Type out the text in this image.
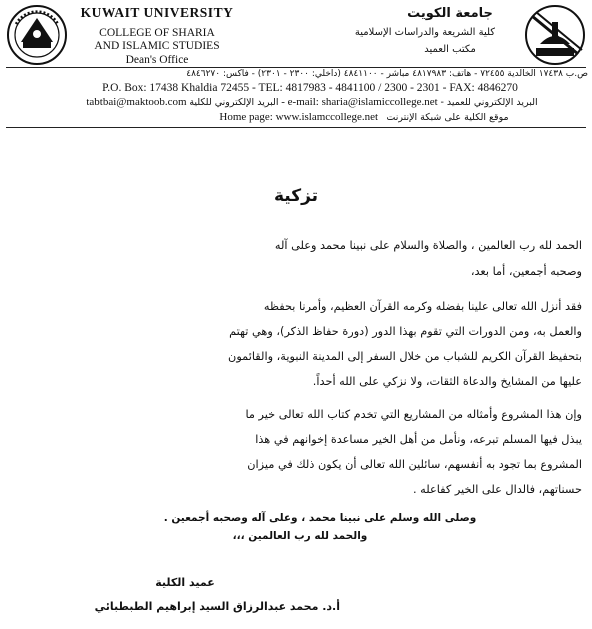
KUWAIT UNIVERSITY
COLLEGE OF SHARIA
AND ISLAMIC STUDIES
Dean's Office
جامعة الكويت
كلية الشريعة والدراسات الإسلامية
مكتب العميد
ص.ب ١٧٤٣٨ الخالدية ٧٢٤٥٥ - هاتف: ٤٨١٧٩٨٣ مباشر - ٤٨٤١١٠٠ (داخلي: ٢٣٠٠ - ٢٣٠١) - فاكس: ٤٨٤٦٢٧٠
P.O. Box: 17438 Khaldia 72455 - TEL: 4817983 - 4841100 / 2300 - 2301 - FAX: 4846270
tabtbai@maktoob.com البريد الإلكتروني للكلية - e-mail: sharia@islamiccollege.net - البريد الإلكتروني للعميد
Home page: www.islamccollege.net موقع الكلية على شبكة الإنترنت
تزكية
الحمد لله رب العالمين ، والصلاة والسلام على نبينا محمد وعلى آله
وصحبه أجمعين، أما بعد،
فقد أنزل الله تعالى علينا بفضله وكرمه القرآن العظيم، وأمرنا بحفظه
والعمل به، ومن الدورات التي تقوم بهذا الدور (دورة حفاظ الذكر)، وهي تهتم
بتحفيظ القرآن الكريم للشباب من خلال السفر إلى المدينة النبوية، والقائمون
عليها من المشايخ والدعاة الثقات، ولا نزكي على الله أحداً.
وإن هذا المشروع وأمثاله من المشاريع التي تخدم كتاب الله تعالى خير ما
يبذل فيها المسلم تبرعه، ونأمل من أهل الخير مساعدة إخوانهم في هذا
المشروع بما تجود به أنفسهم، سائلين الله تعالى أن يكون ذلك في ميزان
حسناتهم، فالدال على الخير كفاعله .
وصلى الله وسلم على نبينا محمد ، وعلى آله وصحبه أجمعين .
والحمد لله رب العالمين ،،،
عميد الكلية
أ.د. محمد عبدالرزاق السيد إبراهيم الطبطبائي
